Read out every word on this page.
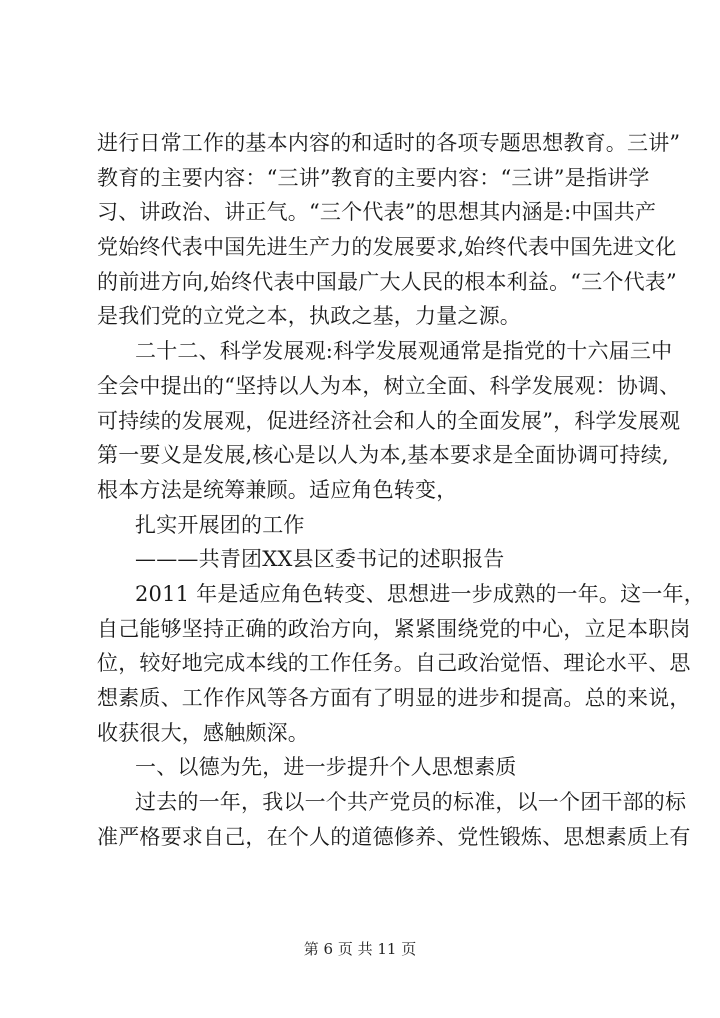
进行日常工作的基本内容的和适时的各项专题思想教育。三讲”
教育的主要内容：“三讲”教育的主要内容：“三讲”是指讲学
习、讲政治、讲正气。“三个代表”的思想其内涵是:中国共产
党始终代表中国先进生产力的发展要求,始终代表中国先进文化
的前进方向,始终代表中国最广大人民的根本利益。“三个代表”
是我们党的立党之本，执政之基，力量之源。
二十二、科学发展观:科学发展观通常是指党的十六届三中
全会中提出的“坚持以人为本，树立全面、科学发展观：协调、
可持续的发展观，促进经济社会和人的全面发展”，科学发展观
第一要义是发展,核心是以人为本,基本要求是全面协调可持续,
根本方法是统筹兼顾。适应角色转变，
扎实开展团的工作
———共青团XX县区委书记的述职报告
2011 年是适应角色转变、思想进一步成熟的一年。这一年，
自己能够坚持正确的政治方向，紧紧围绕党的中心，立足本职岗
位，较好地完成本线的工作任务。自己政治觉悟、理论水平、思
想素质、工作作风等各方面有了明显的进步和提高。总的来说，
收获很大，感触颇深。
一、以德为先，进一步提升个人思想素质
过去的一年，我以一个共产党员的标准，以一个团干部的标
准严格要求自己，在个人的道德修养、党性锻炼、思想素质上有
第 6 页 共 11 页
